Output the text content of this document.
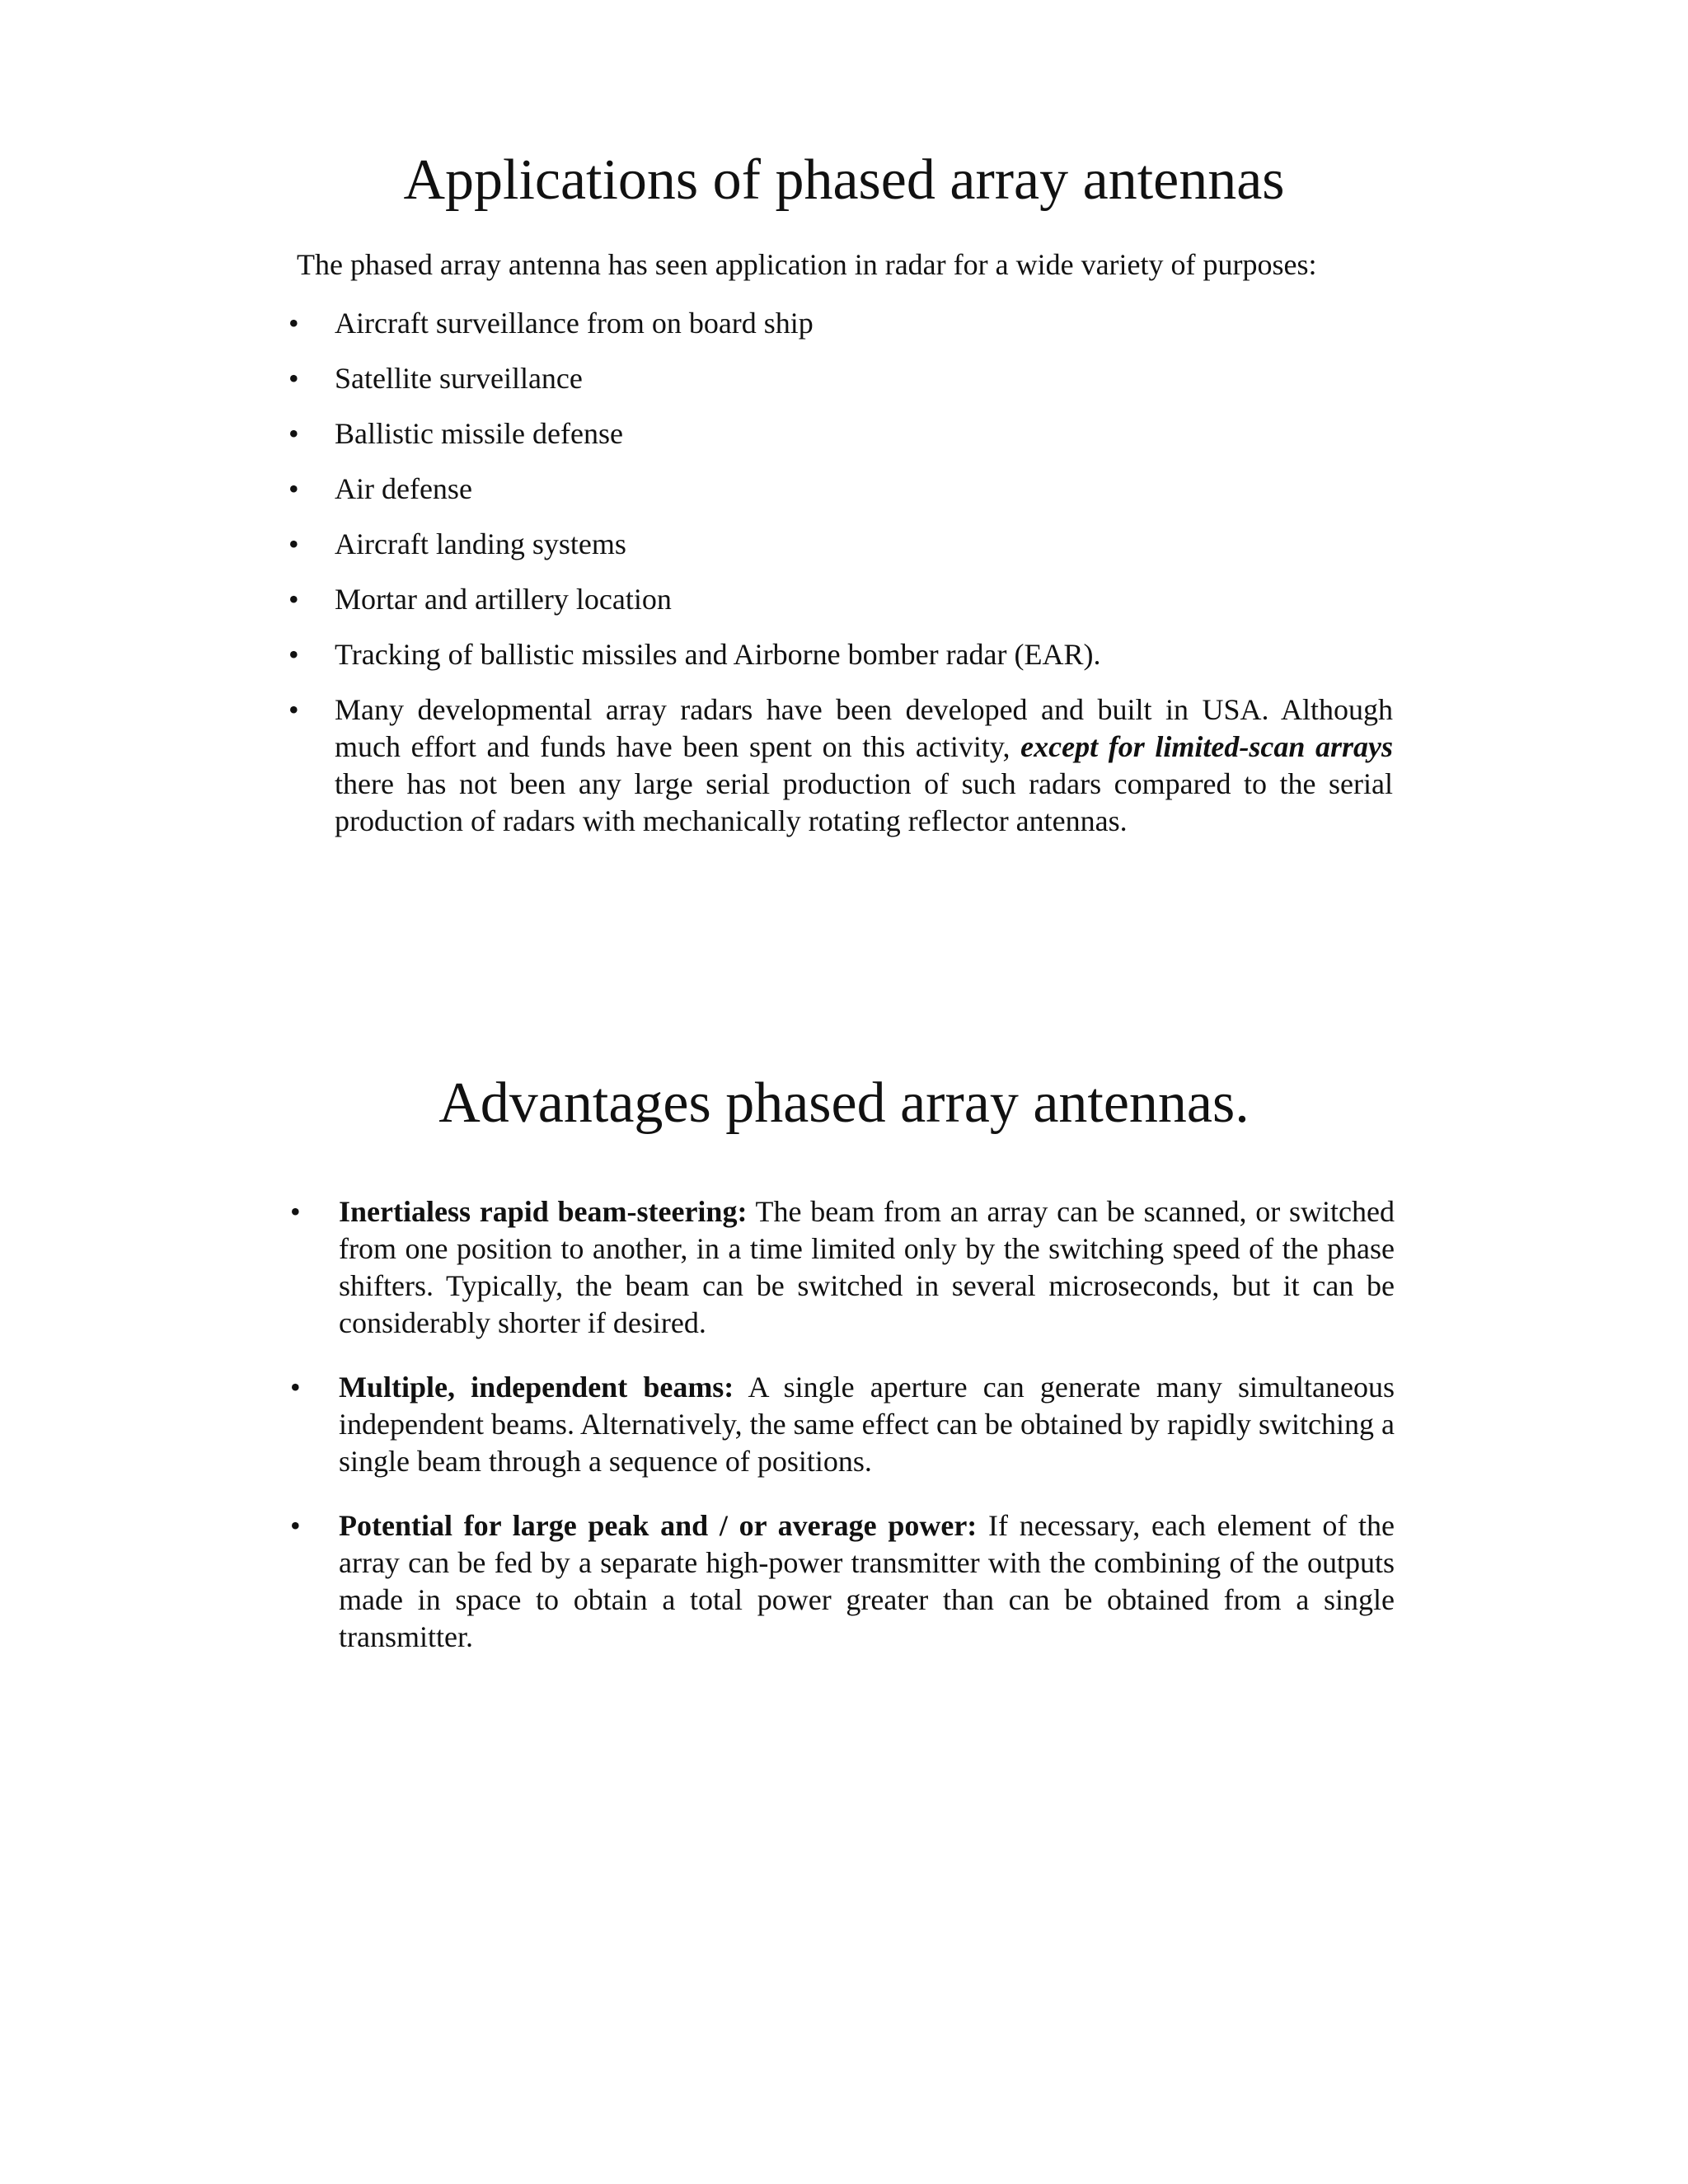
Applications of phased array antennas

The phased array antenna has seen application in radar for a wide variety of purposes:

• Aircraft surveillance from on board ship
• Satellite surveillance
• Ballistic missile defense
• Air defense
• Aircraft landing systems
• Mortar and artillery location
• Tracking of ballistic missiles and Airborne bomber radar (EAR).
• Many developmental array radars have been developed and built in USA. Although much effort and funds have been spent on this activity, except for limited-scan arrays there has not been any large serial production of such radars compared to the serial production of radars with mechanically rotating reflector antennas.
Advantages phased array antennas.
• Inertialess rapid beam-steering: The beam from an array can be scanned, or switched from one position to another, in a time limited only by the switching speed of the phase shifters. Typically, the beam can be switched in several microseconds, but it can be considerably shorter if desired.
• Multiple, independent beams: A single aperture can generate many simultaneous independent beams. Alternatively, the same effect can be obtained by rapidly switching a single beam through a sequence of positions.
• Potential for large peak and / or average power: If necessary, each element of the array can be fed by a separate high-power transmitter with the combining of the outputs made in space to obtain a total power greater than can be obtained from a single transmitter.
